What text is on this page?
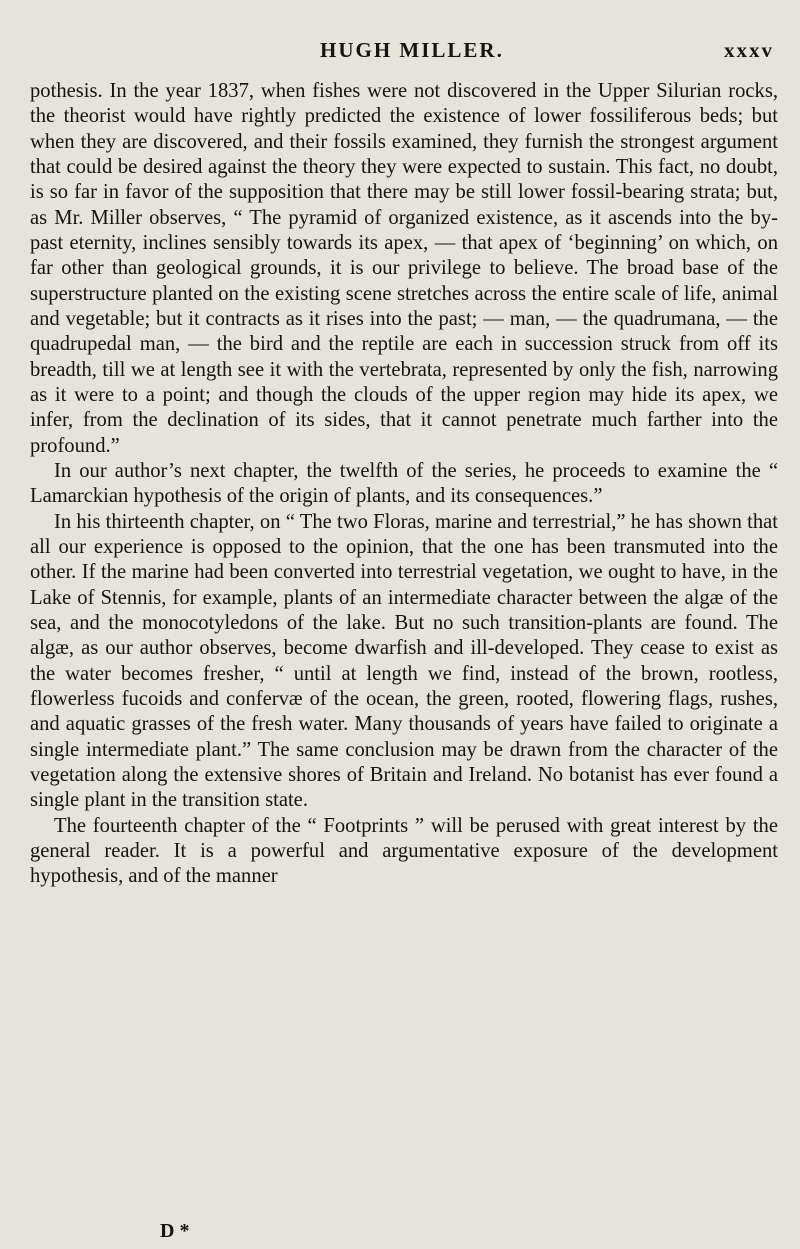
HUGH MILLER.	xxxv

pothesis. In the year 1837, when fishes were not discovered in the Upper Silurian rocks, the theorist would have rightly predicted the existence of lower fossiliferous beds; but when they are discovered, and their fossils examined, they furnish the strongest argument that could be desired against the theory they were expected to sustain. This fact, no doubt, is so far in favor of the supposition that there may be still lower fossil-bearing strata; but, as Mr. Miller observes, “ The pyramid of organized existence, as it ascends into the by-past eternity, inclines sensibly towards its apex, — that apex of ‘beginning’ on which, on far other than geological grounds, it is our privilege to believe. The broad base of the superstructure planted on the existing scene stretches across the entire scale of life, animal and vegetable; but it contracts as it rises into the past; — man, — the quadrumana, — the quadrupedal man, — the bird and the reptile are each in succession struck from off its breadth, till we at length see it with the vertebrata, represented by only the fish, narrowing as it were to a point; and though the clouds of the upper region may hide its apex, we infer, from the declination of its sides, that it cannot penetrate much farther into the profound.”

In our author’s next chapter, the twelfth of the series, he proceeds to examine the “ Lamarckian hypothesis of the origin of plants, and its consequences.”

In his thirteenth chapter, on “ The two Floras, marine and terrestrial,” he has shown that all our experience is opposed to the opinion, that the one has been transmuted into the other. If the marine had been converted into terrestrial vegetation, we ought to have, in the Lake of Stennis, for example, plants of an intermediate character between the algæ of the sea, and the monocotyledons of the lake. But no such transition-plants are found. The algæ, as our author observes, become dwarfish and ill-developed. They cease to exist as the water becomes fresher, “ until at length we find, instead of the brown, rootless, flowerless fucoids and confervæ of the ocean, the green, rooted, flowering flags, rushes, and aquatic grasses of the fresh water. Many thousands of years have failed to originate a single intermediate plant.” The same conclusion may be drawn from the character of the vegetation along the extensive shores of Britain and Ireland. No botanist has ever found a single plant in the transition state.

The fourteenth chapter of the “ Footprints ” will be perused with great interest by the general reader. It is a powerful and argumentative exposure of the development hypothesis, and of the manner

D *
